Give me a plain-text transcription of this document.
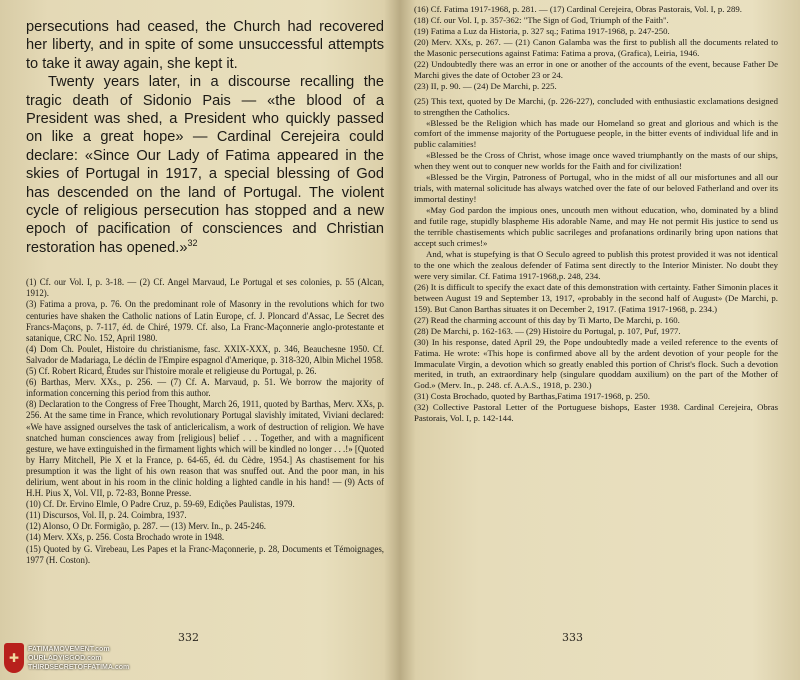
persecutions had ceased, the Church had recovered her liberty, and in spite of some unsuccessful attempts to take it away again, she kept it.

Twenty years later, in a discourse recalling the tragic death of Sidonio Pais — «the blood of a President was shed, a President who quickly passed on like a great hope» — Cardinal Cerejeira could declare: «Since Our Lady of Fatima appeared in the skies of Portugal in 1917, a special blessing of God has descended on the land of Portugal. The violent cycle of religious persecution has stopped and a new epoch of pacification of consciences and Christian restoration has opened.»$^{32}$

(1) Cf. our Vol. I, p. 3-18. — (2) Cf. Angel Marvaud, Le Portugal et ses colonies, p. 55 (Alcan, 1912).

(3) Fatima a prova, p. 76. On the predominant role of Masonry in the revolutions which for two centuries have shaken the Catholic nations of Latin Europe, cf. J. Ploncard d'Assac, Le Secret des Francs-Maçons, p. 7-117, éd. de Chiré, 1979. Cf. also, La Franc-Maçonnerie anglo-protestante et satanique, CRC No. 152, April 1980.

(4) Dom Ch. Poulet, Histoire du christianisme, fasc. XXIX-XXX, p. 346, Beauchesne 1950. Cf. Salvador de Madariaga, Le déclin de l'Empire espagnol d'Amerique, p. 318-320, Albin Michel 1958.

(5) Cf. Robert Ricard, Études sur l'histoire morale et religieuse du Portugal, p. 26.

(6) Barthas, Merv. XXs., p. 256. — (7) Cf. A. Marvaud, p. 51. We borrow the majority of information concerning this period from this author.

(8) Declaration to the Congress of Free Thought, March 26, 1911, quoted by Barthas, Merv. XXs, p. 256. At the same time in France, which revolutionary Portugal slavishly imitated, Viviani declared: «We have assigned ourselves the task of anticlericalism, a work of destruction of religion. We have snatched human consciences away from [religious] belief . . . Together, and with a magnificent gesture, we have extinguished in the firmament lights which will be kindled no longer . . .!» [Quoted by Harry Mitchell, Pie X et la France, p. 64-65, éd. du Cèdre, 1954.] As chastisement for his presumption it was the light of his own reason that was snuffed out. And the poor man, in his delirium, went about in his room in the clinic holding a lighted candle in his hand! — (9) Acts of H.H. Pius X, Vol. VII, p. 72-83, Bonne Presse.

(10) Cf. Dr. Ervino Elmle, O Padre Cruz, p. 59-69, Edições Paulistas, 1979.

(11) Discursos, Vol. II, p. 24. Coimbra, 1937.

(12) Alonso, O Dr. Formigão, p. 287. — (13) Merv. In., p. 245-246.

(14) Merv. XXs, p. 256. Costa Brochado wrote in 1948.

(15) Quoted by G. Virebeau, Les Papes et la Franc-Maçonnerie, p. 28, Documents et Témoignages, 1977 (H. Coston).

332

(16) Cf. Fatima 1917-1968, p. 281. — (17) Cardinal Cerejeira, Obras Pastorais, Vol. I, p. 289.

(18) Cf. our Vol. I, p. 357-362: "The Sign of God, Triumph of the Faith".

(19) Fatima a Luz da Historia, p. 327 sq.; Fatima 1917-1968, p. 247-250.

(20) Merv. XXs, p. 267. — (21) Canon Galamba was the first to publish all the documents related to the Masonic persecutions against Fatima: Fatima a prova, (Grafica), Leiria, 1946.

(22) Undoubtedly there was an error in one or another of the accounts of the event, because Father De Marchi gives the date of October 23 or 24.

(23) II, p. 90. — (24) De Marchi, p. 225.

(25) This text, quoted by De Marchi, (p. 226-227), concluded with enthusiastic exclamations designed to strengthen the Catholics.

«Blessed be the Religion which has made our Homeland so great and glorious and which is the comfort of the immense majority of the Portuguese people, in the bitter events of individual life and in public calamities!

«Blessed be the Cross of Christ, whose image once waved triumphantly on the masts of our ships, when they went out to conquer new worlds for the Faith and for civilization!

«Blessed be the Virgin, Patroness of Portugal, who in the midst of all our misfortunes and all our trials, with maternal solicitude has always watched over the fate of our beloved Fatherland and over its immortal destiny!

«May God pardon the impious ones, uncouth men without education, who, dominated by a blind and futile rage, stupidly blaspheme His adorable Name, and may He not permit His justice to send us the terrible chastisements which public sacrileges and profanations ordinarily bring upon nations that accept such crimes!»

And, what is stupefying is that O Seculo agreed to publish this protest provided it was not identical to the one which the zealous defender of Fatima sent directly to the Interior Minister. No doubt they were very similar. Cf. Fatima 1917-1968,p. 248, 234.

(26) It is difficult to specify the exact date of this demonstration with certainty. Father Simonin places it between August 19 and September 13, 1917, «probably in the second half of August» (De Marchi, p. 159). But Canon Barthas situates it on December 2, 1917. (Fatima 1917-1968, p. 234.)

(27) Read the charming account of this day by Ti Marto, De Marchi, p. 160.

(28) De Marchi, p. 162-163. — (29) Histoire du Portugal, p. 107, Puf, 1977.

(30) In his response, dated April 29, the Pope undoubtedly made a veiled reference to the events of Fatima. He wrote: «This hope is confirmed above all by the ardent devotion of your people for the Immaculate Virgin, a devotion which so greatly enabled this portion of Christ's flock. Such a devotion merited, in truth, an extraordinary help (singulare quoddam auxilium) on the part of the Mother of God.» (Merv. In., p. 248. cf. A.A.S., 1918, p. 230.)

(31) Costa Brochado, quoted by Barthas,Fatima 1917-1968, p. 250.

(32) Collective Pastoral Letter of the Portuguese bishops, Easter 1938. Cardinal Cerejeira, Obras Pastorais, Vol. I, p. 142-144.

333
✚
FATIMAMOVEMENT.com
OURLADYISGOD.com
THIRDSECRETOFFATIMA.com
